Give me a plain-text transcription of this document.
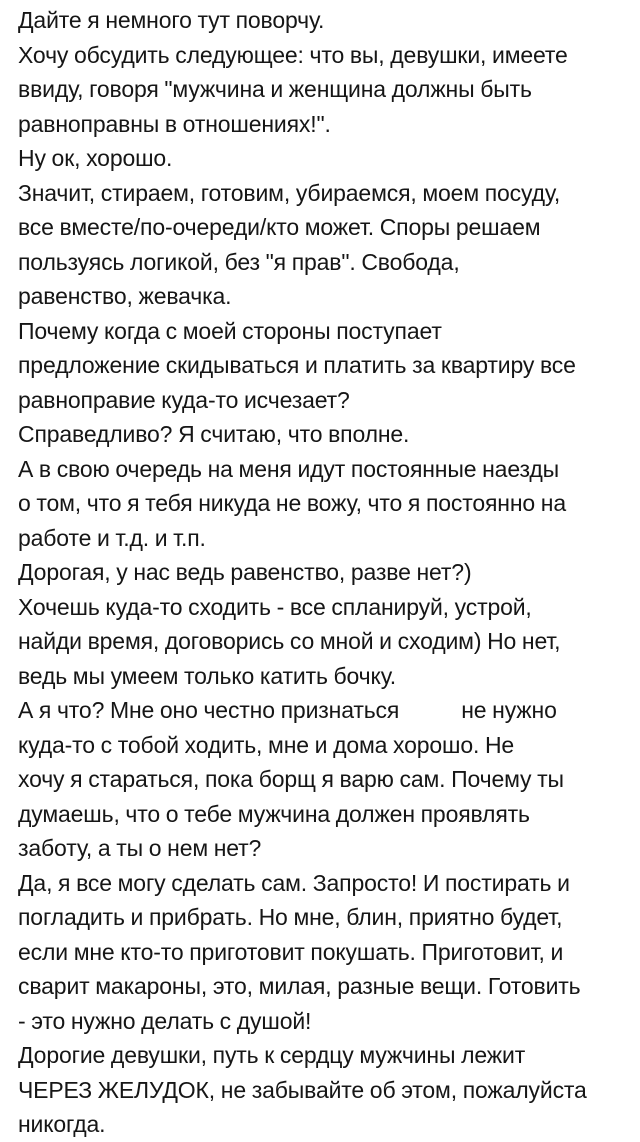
Дайте я немного тут поворчу.
Хочу обсудить следующее: что вы, девушки, имеете
ввиду, говоря "мужчина и женщина должны быть
равноправны в отношениях!".
Ну ок, хорошо.
Значит, стираем, готовим, убираемся, моем посуду,
все вместе/по-очереди/кто может. Споры решаем
пользуясь логикой, без "я прав". Свобода,
равенство, жевачка.
Почему когда с моей стороны поступает
предложение скидываться и платить за квартиру все
равноправие куда-то исчезает?
Справедливо? Я считаю, что вполне.
А в свою очередь на меня идут постоянные наезды
о том, что я тебя никуда не вожу, что я постоянно на
работе и т.д. и т.п.
Дорогая, у нас ведь равенство, разве нет?)
Хочешь куда-то сходить - все спланируй, устрой,
найди время, договорись со мной и сходим) Но нет,
ведь мы умеем только катить бочку.
А я что? Мне оно честно признаться	не нужно
куда-то с тобой ходить, мне и дома хорошо. Не
хочу я стараться, пока борщ я варю сам. Почему ты
думаешь, что о тебе мужчина должен проявлять
заботу, а ты о нем нет?
Да, я все могу сделать сам. Запросто! И постирать и
погладить и прибрать. Но мне, блин, приятно будет,
если мне кто-то приготовит покушать. Приготовит, и
сварит макароны, это, милая, разные вещи. Готовить
- это нужно делать с душой!
Дорогие девушки, путь к сердцу мужчины лежит
ЧЕРЕЗ ЖЕЛУДОК, не забывайте об этом, пожалуйста
никогда.
